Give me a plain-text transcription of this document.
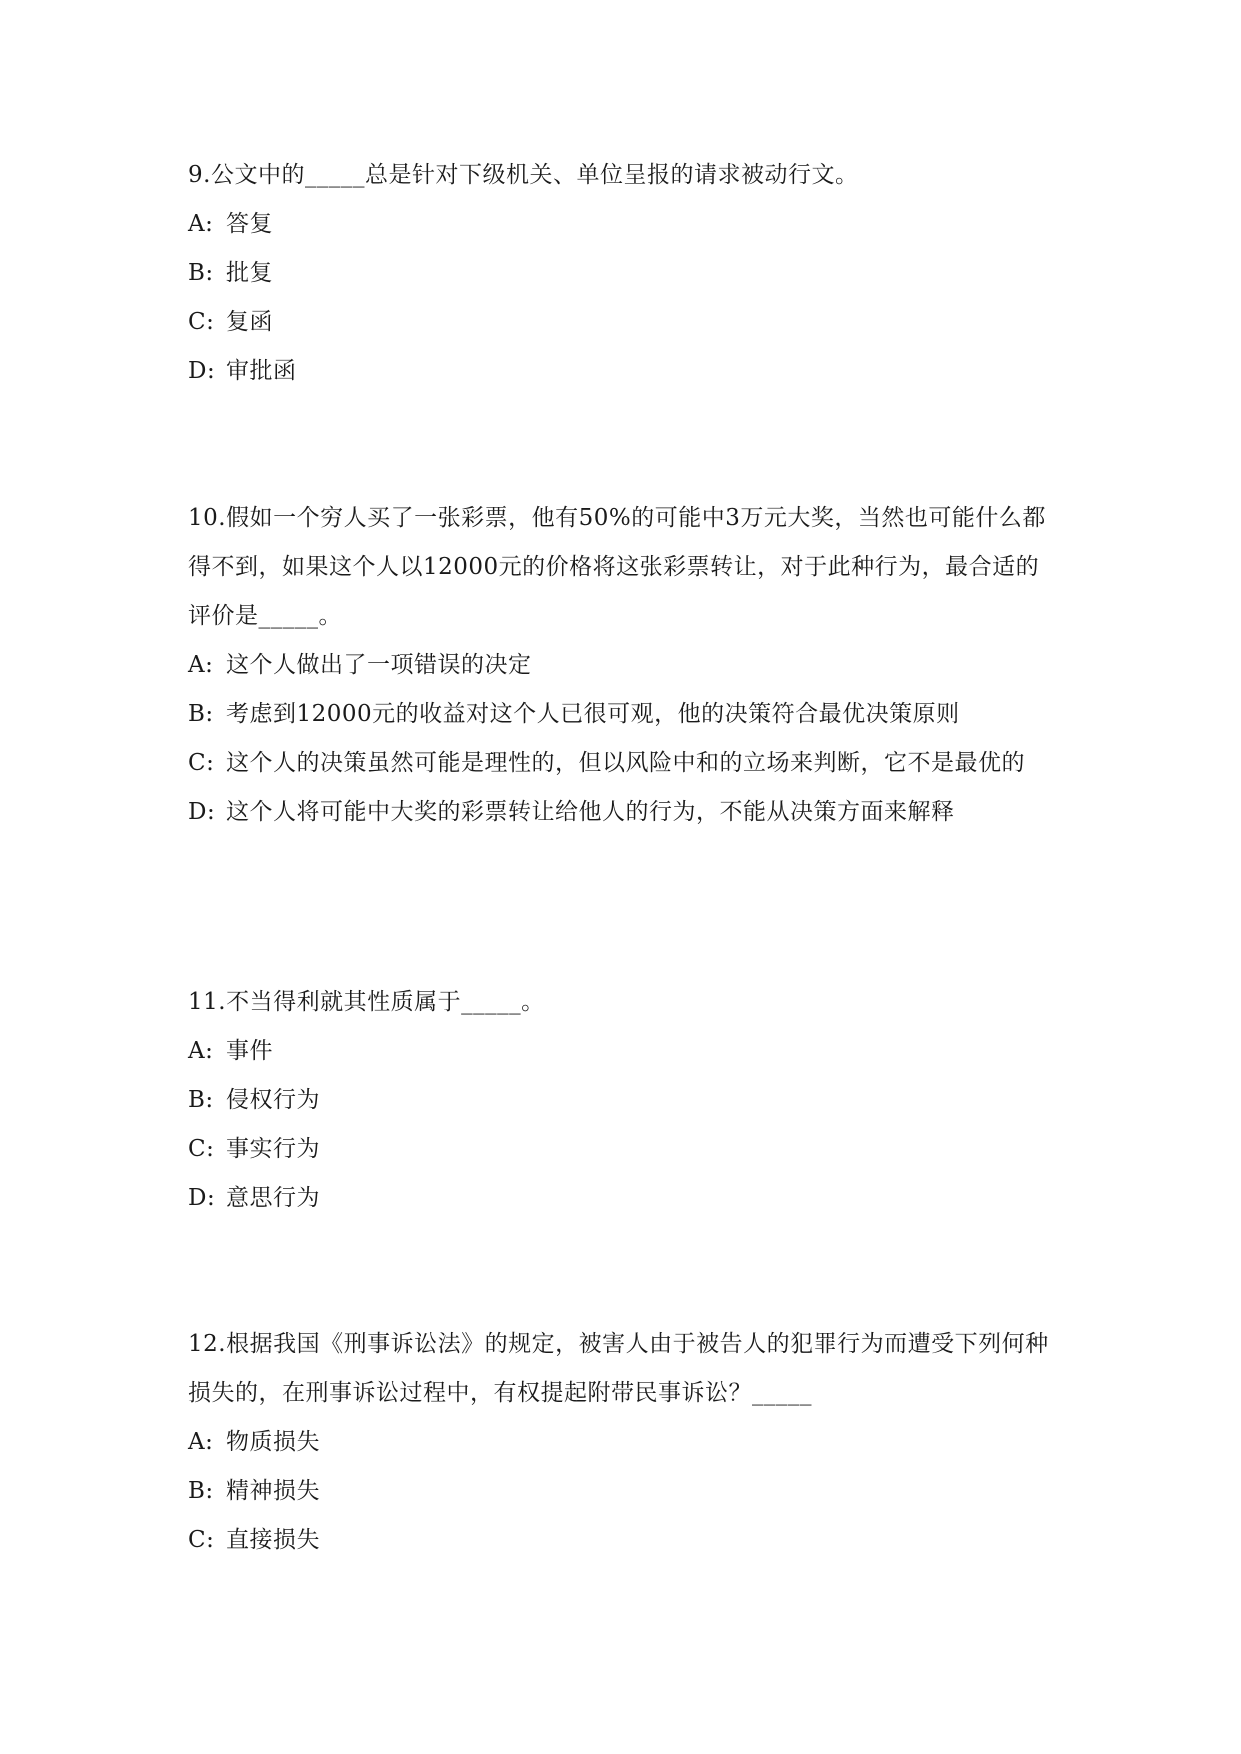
9.公文中的_____总是针对下级机关、单位呈报的请求被动行文。

A: 答复

B: 批复

C: 复函

D: 审批函

10.假如一个穷人买了一张彩票，他有50%的可能中3万元大奖，当然也可能什么都得不到，如果这个人以12000元的价格将这张彩票转让，对于此种行为，最合适的评价是_____。

A: 这个人做出了一项错误的决定

B: 考虑到12000元的收益对这个人已很可观，他的决策符合最优决策原则

C: 这个人的决策虽然可能是理性的，但以风险中和的立场来判断，它不是最优的

D: 这个人将可能中大奖的彩票转让给他人的行为，不能从决策方面来解释

11.不当得利就其性质属于_____。

A: 事件

B: 侵权行为

C: 事实行为

D: 意思行为

12.根据我国《刑事诉讼法》的规定，被害人由于被告人的犯罪行为而遭受下列何种损失的，在刑事诉讼过程中，有权提起附带民事诉讼？_____

A: 物质损失

B: 精神损失

C: 直接损失
